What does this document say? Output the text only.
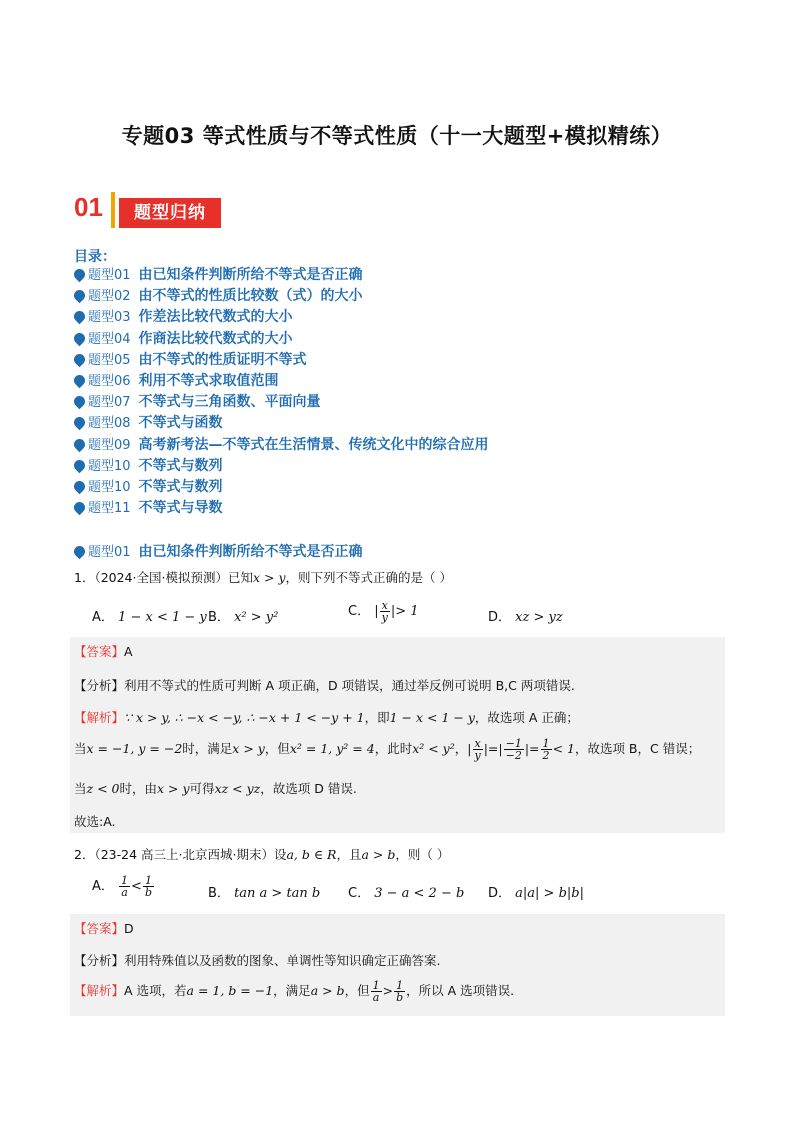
专题03 等式性质与不等式性质（十一大题型+模拟精练）
01	题型归纳
目录：
题型01 由已知条件判断所给不等式是否正确
题型02 由不等式的性质比较数（式）的大小
题型03 作差法比较代数式的大小
题型04 作商法比较代数式的大小
题型05 由不等式的性质证明不等式
题型06 利用不等式求取值范围
题型07 不等式与三角函数、平面向量
题型08 不等式与函数
题型09 高考新考法—不等式在生活情景、传统文化中的综合应用
题型10 不等式与数列
题型10 不等式与数列
题型11 不等式与导数
题型01 由已知条件判断所给不等式是否正确
1．（2024·全国·模拟预测）已知x > y，则下列不等式正确的是（ ）
A． 1 − x < 1 − y B． x² > y²	C． | $\frac{x}{y}$ |> 1	D． xz > yz
【答案】A
【分析】利用不等式的性质可判断 A 项正确，D 项错误，通过举反例可说明 B,C 两项错误.
【解析】∵ x > y, ∴ −x < −y, ∴ −x + 1 < −y + 1，即1 − x < 1 − y，故选项 A 正确；
当x = −1, y = −2时，满足x > y，但x² = 1, y² = 4，此时x² < y²，| $\frac{x}{y}$ |=| $\frac{-1}{-2}$ |= $\frac{1}{2} < 1$，故选项 B，C 错误；
当z < 0时，由x > y可得xz < yz，故选项 D 错误.
故选:A.
2．（23-24 高三上·北京西城·期末）设a, b ∈ R，且a > b，则（ ）
A． $\frac{1}{a} < \frac{1}{b}$	B． tan a > tan b C． 3 − a < 2 − b D． a|a| > b|b|
【答案】D
【分析】利用特殊值以及函数的图象、单调性等知识确定正确答案.
【解析】A 选项，若a = 1, b = −1，满足a > b，但 $\frac{1}{a} > \frac{1}{b}$ ，所以 A 选项错误.
